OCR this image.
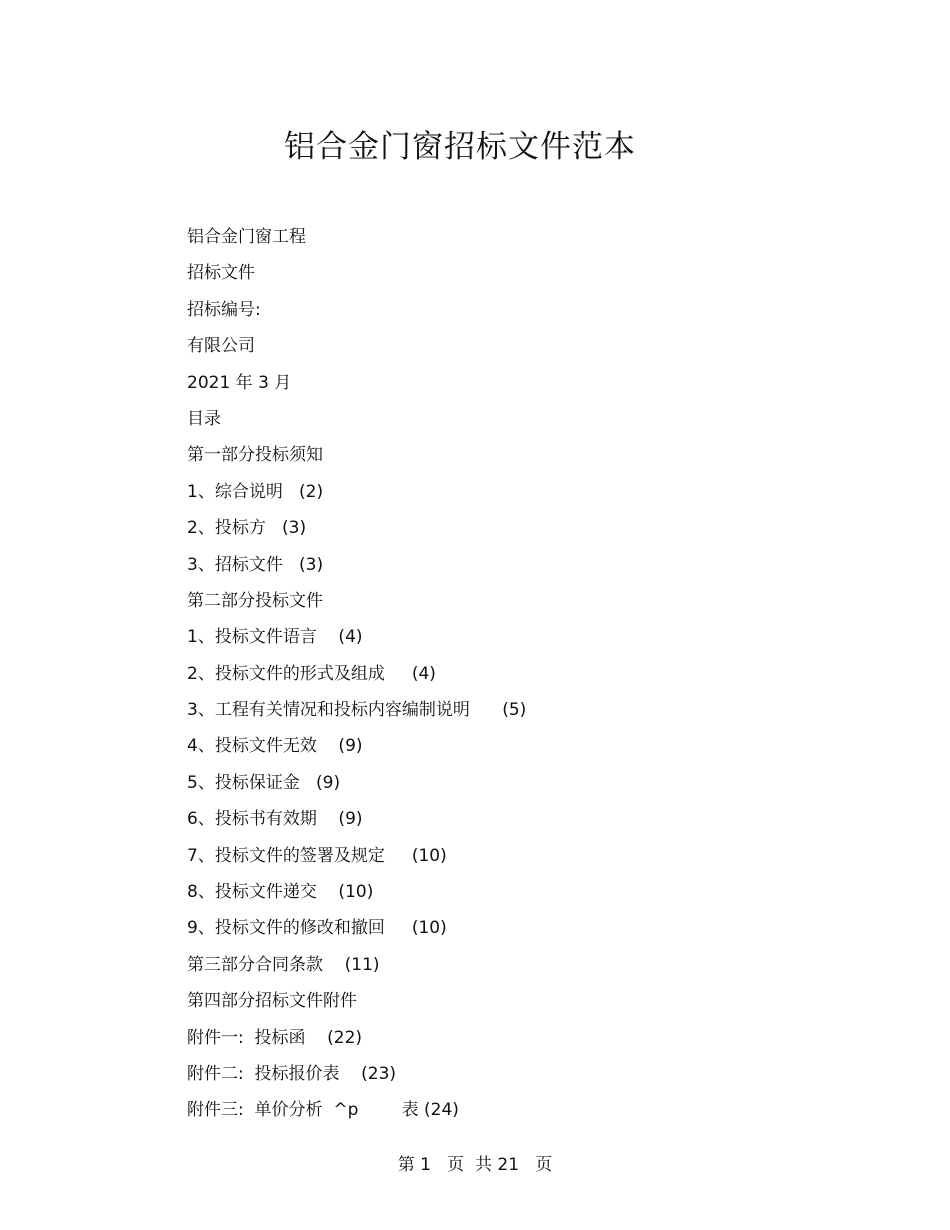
铝合金门窗招标文件范本
铝合金门窗工程
招标文件
招标编号:
有限公司
2021 年 3 月
目录
第一部分投标须知
1、综合说明   (2)
2、投标方   (3)
3、招标文件   (3)
第二部分投标文件
1、投标文件语言    (4)
2、投标文件的形式及组成     (4)
3、工程有关情况和投标内容编制说明      (5)
4、投标文件无效    (9)
5、投标保证金   (9)
6、投标书有效期    (9)
7、投标文件的签署及规定     (10)
8、投标文件递交    (10)
9、投标文件的修改和撤回     (10)
第三部分合同条款    (11)
第四部分招标文件附件
附件一:  投标函    (22)
附件二:  投标报价表    (23)
附件三:  单价分析  ^p        表 (24)
第 1   页  共 21   页
